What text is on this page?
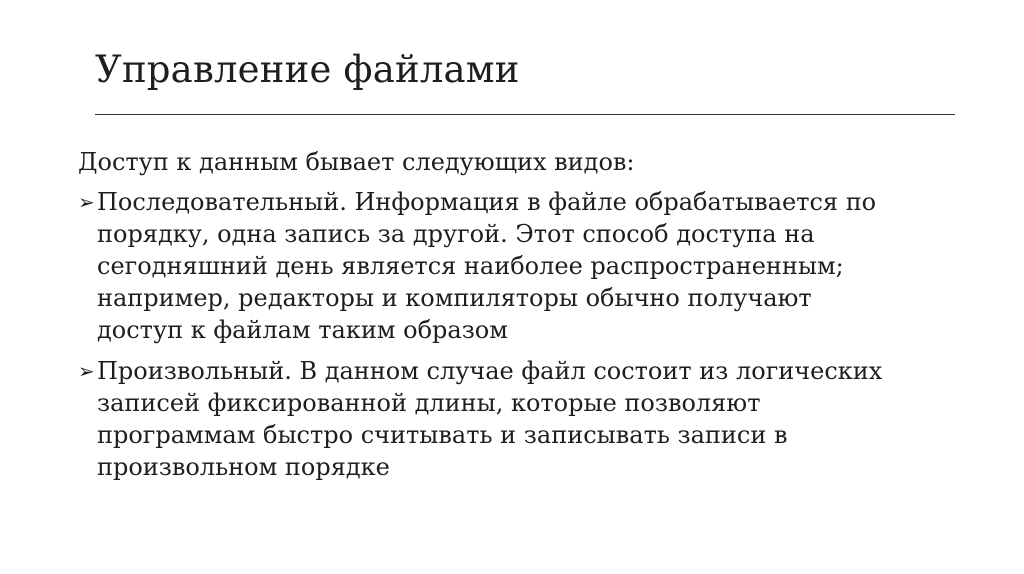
Управление файлами
Доступ к данным бывает следующих видов:
➢ Последовательный. Информация в файле обрабатывается по
порядку, одна запись за другой. Этот способ доступа на
сегодняшний день является наиболее распространенным;
например, редакторы и компиляторы обычно получают
доступ к файлам таким образом
➢ Произвольный. В данном случае файл состоит из логических
записей фиксированной длины, которые позволяют
программам быстро считывать и записывать записи в
произвольном порядке
